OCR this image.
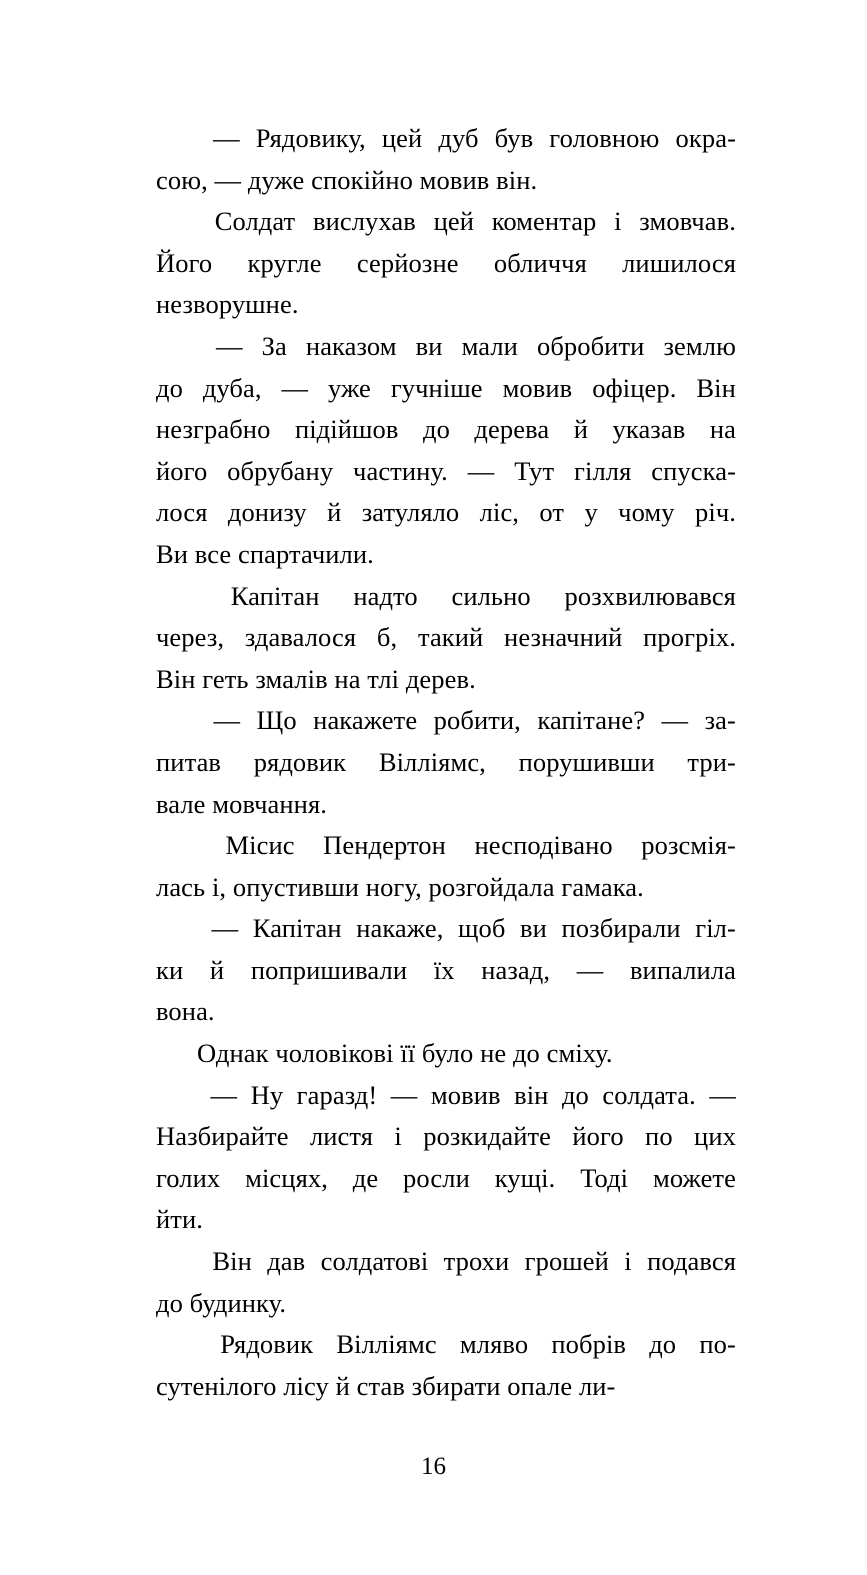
— Рядовику, цей дуб був головною окра-
сою, — дуже спокійно мовив він.

Солдат вислухав цей коментар і змовчав.
Його кругле серйозне обличчя лишилося
незворушне.

— За наказом ви мали обробити землю
до дуба, — уже гучніше мовив офіцер. Він
незграбно підійшов до дерева й указав на
його обрубану частину. — Тут гілля спуска-
лося донизу й затуляло ліс, от у чому річ.
Ви все спартачили.

Капітан надто сильно розхвилювався
через, здавалося б, такий незначний прогріх.
Він геть змалів на тлі дерев.

— Що накажете робити, капітане? — за-
питав рядовик Вілліямс, порушивши три-
вале мовчання.

Місис Пендертон несподівано розсмія-
лась і, опустивши ногу, розгойдала гамака.

— Капітан накаже, щоб ви позбирали гіл-
ки й попришивали їх назад, — випалила
вона.

Однак чоловікові її було не до сміху.

— Ну гаразд! — мовив він до солдата. —
Назбирайте листя і розкидайте його по цих
голих місцях, де росли кущі. Тоді можете
йти.

Він дав солдатові трохи грошей і подався
до будинку.

Рядовик Вілліямс мляво побрів до по-
сутенілого лісу й став збирати опале ли-

16
